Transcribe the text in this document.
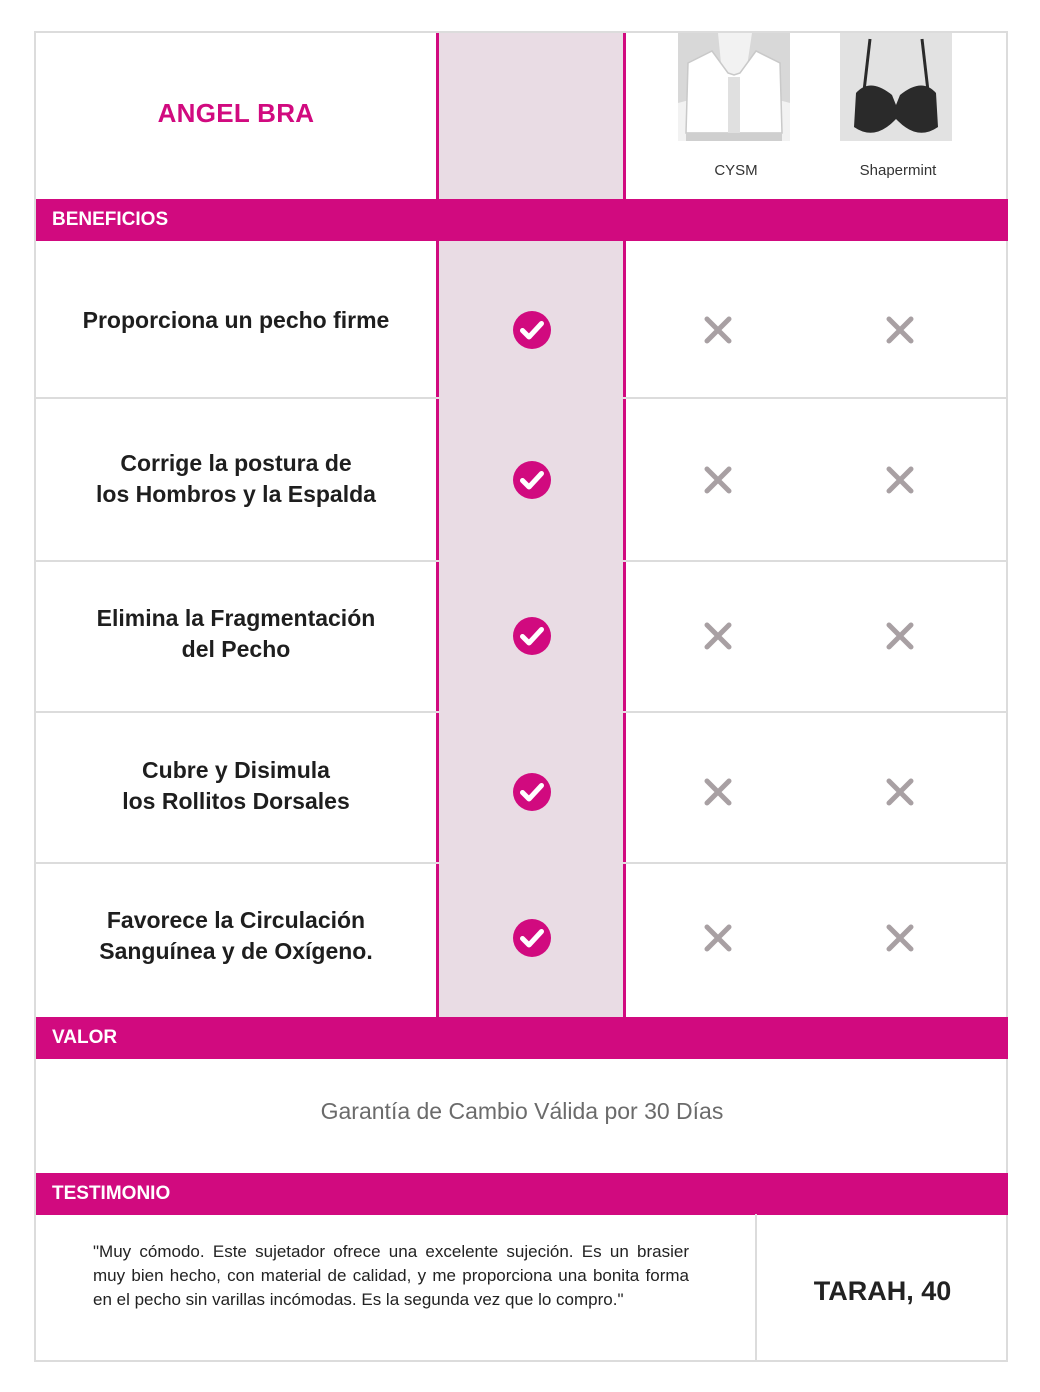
ANGEL BRA
CYSM	Shapermint
BENEFICIOS
Proporciona un pecho firme
Corrige la postura de
los Hombros y la Espalda
Elimina la Fragmentación
del Pecho
Cubre y Disimula
los Rollitos Dorsales
Favorece la Circulación
Sanguínea y de Oxígeno.
VALOR
Garantía de Cambio Válida por 30 Días
TESTIMONIO
"Muy cómodo. Este sujetador ofrece una excelente sujeción. Es un brasier muy bien hecho, con material de calidad, y me proporciona una bonita forma en el pecho sin varillas incómodas. Es la segunda vez que lo compro."	TARAH, 40
